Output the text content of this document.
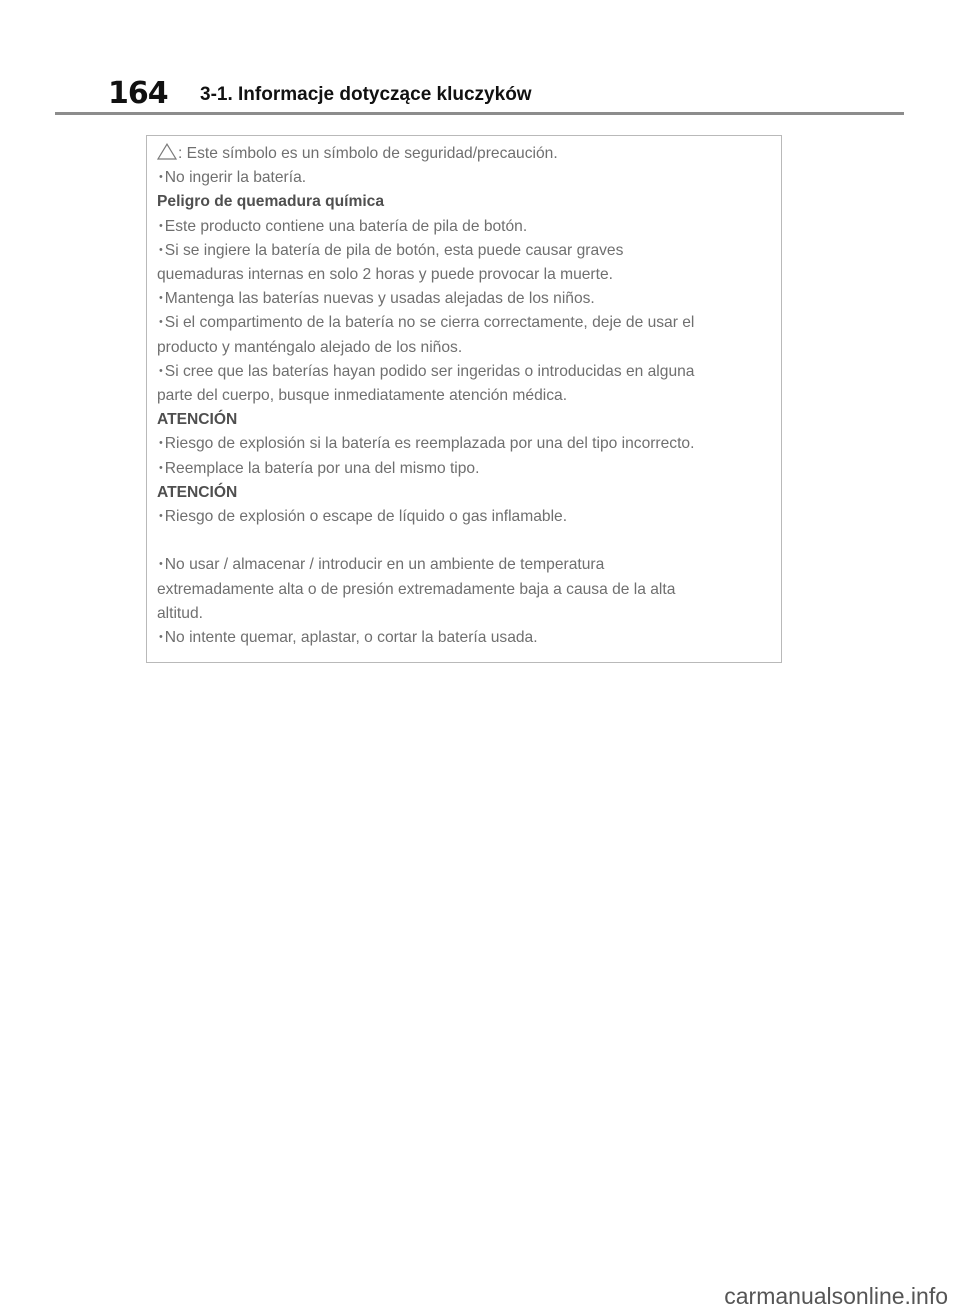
164 3-1. Informacje dotyczące kluczyków
: Este símbolo es un símbolo de seguridad/precaución.
･No ingerir la batería.
Peligro de quemadura química
･Este producto contiene una batería de pila de botón.
･Si se ingiere la batería de pila de botón, esta puede causar graves
quemaduras internas en solo 2 horas y puede provocar la muerte.
･Mantenga las baterías nuevas y usadas alejadas de los niños.
･Si el compartimento de la batería no se cierra correctamente, deje de usar el
producto y manténgalo alejado de los niños.
･Si cree que las baterías hayan podido ser ingeridas o introducidas en alguna
parte del cuerpo, busque inmediatamente atención médica.
ATENCIÓN
･Riesgo de explosión si la batería es reemplazada por una del tipo incorrecto.
･Reemplace la batería por una del mismo tipo.
ATENCIÓN
･Riesgo de explosión o escape de líquido o gas inflamable.
･No usar / almacenar / introducir en un ambiente de temperatura
extremadamente alta o de presión extremadamente baja a causa de la alta
altitud.
･No intente quemar, aplastar, o cortar la batería usada.
carmanualsonline.info
